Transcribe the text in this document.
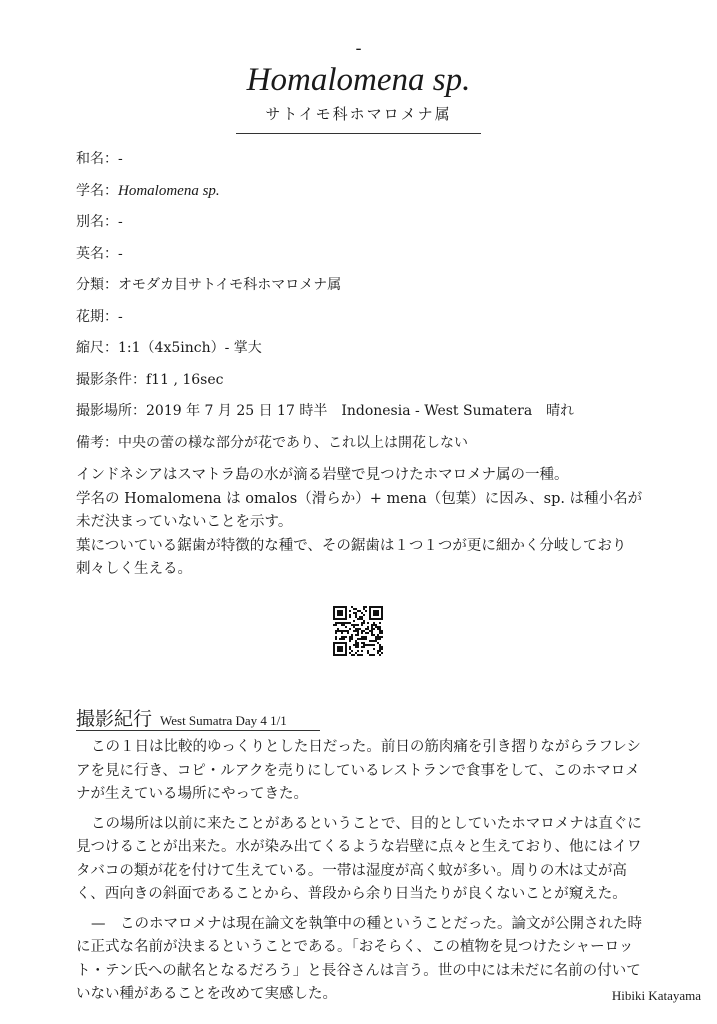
-
Homalomena sp.
サトイモ科ホマロメナ属
和名：-
学名：Homalomena sp.
別名：-
英名：-
分類：オモダカ目サトイモ科ホマロメナ属
花期：-
縮尺：1:1（4x5inch）- 掌大
撮影条件：f11 , 16sec
撮影場所：2019 年 7 月 25 日 17 時半　Indonesia - West Sumatera　晴れ
備考：中央の蕾の様な部分が花であり、これ以上は開花しない

インドネシアはスマトラ島の水が滴る岩壁で見つけたホマロメナ属の一種。

学名の Homalomena は omalos（滑らか）+ mena（包葉）に因み、sp. は種小名が未だ決まっていないことを示す。

葉についている鋸歯が特徴的な種で、その鋸歯は１つ１つが更に細かく分岐しており刺々しく生える。

撮影紀行 West Sumatra Day 4 1/1

この１日は比較的ゆっくりとした日だった。前日の筋肉痛を引き摺りながらラフレシアを見に行き、コピ・ルアクを売りにしているレストランで食事をして、このホマロメナが生えている場所にやってきた。

この場所は以前に来たことがあるということで、目的としていたホマロメナは直ぐに見つけることが出来た。水が染み出てくるような岩壁に点々と生えており、他にはイワタバコの類が花を付けて生えている。一帯は湿度が高く蚊が多い。周りの木は丈が高く、西向きの斜面であることから、普段から余り日当たりが良くないことが窺えた。

—　このホマロメナは現在論文を執筆中の種ということだった。論文が公開された時に正式な名前が決まるということである。「おそらく、この植物を見つけたシャーロット・テン氏への献名となるだろう」と長谷さんは言う。世の中には未だに名前の付いていない種があることを改めて実感した。	Hibiki Katayama
